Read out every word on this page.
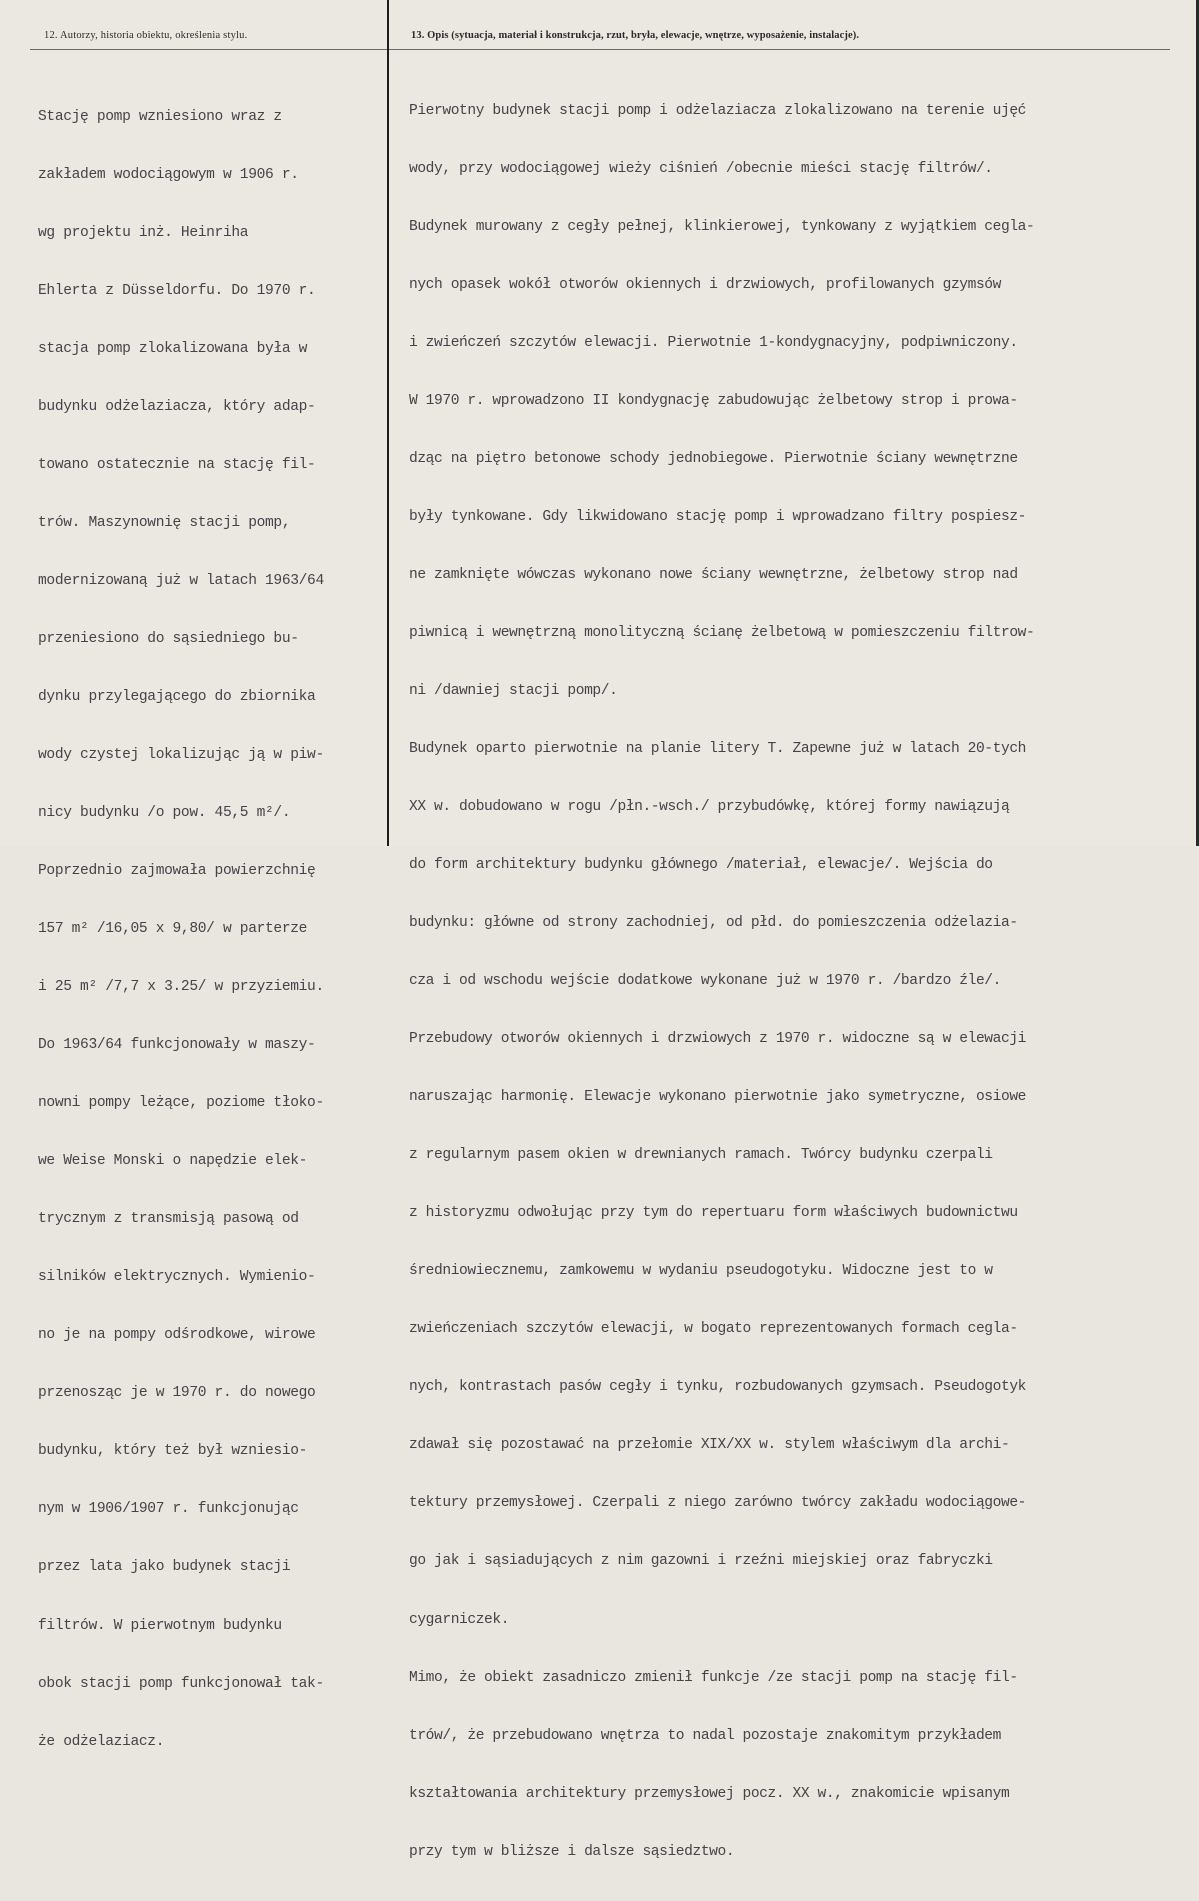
12. Autorzy, historia obiektu, określenia stylu.	13. Opis (sytuacja, materiał i konstrukcja, rzut, bryła, elewacje, wnętrze, wyposażenie, instalacje).

Stację pomp wzniesiono wraz z

zakładem wodociągowym w 1906 r.

wg projektu inż. Heinriha

Ehlerta z Düsseldorfu. Do 1970 r.

stacja pomp zlokalizowana była w

budynku odżelaziacza, który adap-

towano ostatecznie na stację fil-

trów. Maszynownię stacji pomp,

modernizowaną już w latach 1963/64

przeniesiono do sąsiedniego bu-

dynku przylegającego do zbiornika

wody czystej lokalizując ją w piw-

nicy budynku /o pow. 45,5 m²/.

Poprzednio zajmowała powierzchnię

157 m² /16,05 x 9,80/ w parterze

i 25 m² /7,7 x 3.25/ w przyziemiu.

Do 1963/64 funkcjonowały w maszy-

nowni pompy leżące, poziome tłoko-

we Weise Monski o napędzie elek-

trycznym z transmisją pasową od

silników elektrycznych. Wymienio-

no je na pompy odśrodkowe, wirowe

przenosząc je w 1970 r. do nowego

budynku, który też był wzniesio-

nym w 1906/1907 r. funkcjonując

przez lata jako budynek stacji

filtrów. W pierwotnym budynku

obok stacji pomp funkcjonował tak-

że odżelaziacz.

Pierwotny budynek stacji pomp i odżelaziacza zlokalizowano na terenie ujęć

wody, przy wodociągowej wieży ciśnień /obecnie mieści stację filtrów/.

Budynek murowany z cegły pełnej, klinkierowej, tynkowany z wyjątkiem cegla-

nych opasek wokół otworów okiennych i drzwiowych, profilowanych gzymsów

i zwieńczeń szczytów elewacji. Pierwotnie 1-kondygnacyjny, podpiwniczony.

W 1970 r. wprowadzono II kondygnację zabudowując żelbetowy strop i prowa-

dząc na piętro betonowe schody jednobiegowe. Pierwotnie ściany wewnętrzne

były tynkowane. Gdy likwidowano stację pomp i wprowadzano filtry pospiesz-

ne zamknięte wówczas wykonano nowe ściany wewnętrzne, żelbetowy strop nad

piwnicą i wewnętrzną monolityczną ścianę żelbetową w pomieszczeniu filtrow-

ni /dawniej stacji pomp/.

Budynek oparto pierwotnie na planie litery T. Zapewne już w latach 20-tych

XX w. dobudowano w rogu /płn.-wsch./ przybudówkę, której formy nawiązują

do form architektury budynku głównego /materiał, elewacje/. Wejścia do

budynku: główne od strony zachodniej, od płd. do pomieszczenia odżelazia-

cza i od wschodu wejście dodatkowe wykonane już w 1970 r. /bardzo źle/.

Przebudowy otworów okiennych i drzwiowych z 1970 r. widoczne są w elewacji

naruszając harmonię. Elewacje wykonano pierwotnie jako symetryczne, osiowe

z regularnym pasem okien w drewnianych ramach. Twórcy budynku czerpali

z historyzmu odwołując przy tym do repertuaru form właściwych budownictwu

średniowiecznemu, zamkowemu w wydaniu pseudogotyku. Widoczne jest to w

zwieńczeniach szczytów elewacji, w bogato reprezentowanych formach cegla-

nych, kontrastach pasów cegły i tynku, rozbudowanych gzymsach. Pseudogotyk

zdawał się pozostawać na przełomie XIX/XX w. stylem właściwym dla archi-

tektury przemysłowej. Czerpali z niego zarówno twórcy zakładu wodociągowe-

go jak i sąsiadujących z nim gazowni i rzeźni miejskiej oraz fabryczki

cygarniczek.

Mimo, że obiekt zasadniczo zmienił funkcje /ze stacji pomp na stację fil-

trów/, że przebudowano wnętrza to nadal pozostaje znakomitym przykładem

kształtowania architektury przemysłowej pocz. XX w., znakomicie wpisanym

przy tym w bliższe i dalsze sąsiedztwo.
